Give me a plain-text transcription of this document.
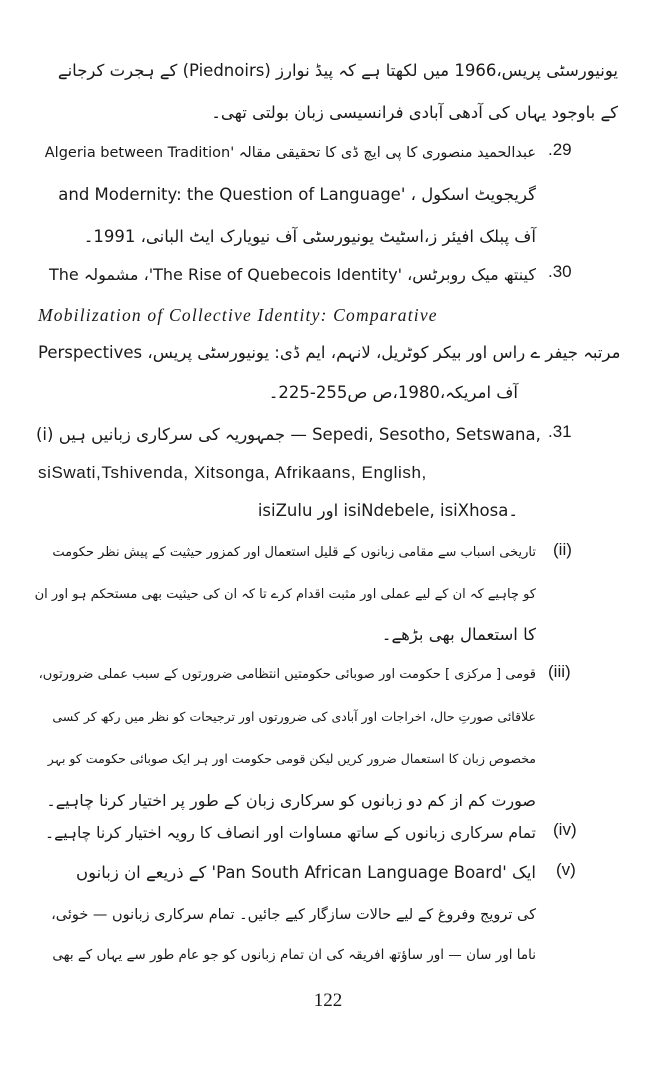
یونیورسٹی پریس،1966 میں لکھتا ہے کہ پیڈ نوارز (Piednoirs) کے ہجرت کرجانے
کے باوجود یہاں کی آدھی آبادی فرانسیسی زبان بولتی تھی۔
.29
عبدالحمید منصوری کا پی ایچ ڈی کا تحقیقی مقالہ 'Algeria between Tradition
and Modernity: the Question of Language' ، گریجویٹ اسکول
آف پبلک افیئر ز،اسٹیٹ یونیورسٹی آف نیویارک ایٹ البانی، 1991۔
.30
کینتھ میک روبرٹس، 'The Rise of Quebecois Identity'، مشمولہ The
Mobilization of Collective Identity: Comparative
Perspectives ،مرتبہ جیفر ے راس اور بیکر کوٹریل، لانہم، ایم ڈی: یونیورسٹی پریس
آف امریکہ،1980،ص ص255-225۔
.31
(i) جمہوریہ کی سرکاری زبانیں ہیں — Sepedi, Sesotho, Setswana,
siSwati,Tshivenda, Xitsonga, Afrikaans, English,
isiZulu اور isiNdebele, isiXhosa۔
(ii)
تاریخی اسباب سے مقامی زبانوں کے قلیل استعمال اور کمزور حیثیت کے پیش نظر حکومت
کو چاہیے کہ ان کے لیے عملی اور مثبت اقدام کرے تا کہ ان کی حیثیت بھی مستحکم ہو اور ان
کا استعمال بھی بڑھے۔
(iii)
قومی [ مرکزی ] حکومت اور صوبائی حکومتیں انتظامی ضرورتوں کے سبب عملی ضرورتوں،
علاقائی صورتِ حال، اخراجات اور آبادی کی ضرورتوں اور ترجیحات کو نظر میں رکھ کر کسی
مخصوص زبان کا استعمال ضرور کریں لیکن قومی حکومت اور ہر ایک صوبائی حکومت کو بہر
صورت کم از کم دو زبانوں کو سرکاری زبان کے طور پر اختیار کرنا چاہیے۔
(iv)
تمام سرکاری زبانوں کے ساتھ مساوات اور انصاف کا رویہ اختیار کرنا چاہیے۔
(v)
ایک 'Pan South African Language Board' کے ذریعے ان زبانوں
کی ترویج وفروغ کے لیے حالات سازگار کیے جائیں۔ تمام سرکاری زبانوں — خوئی،
ناما اور سان — اور ساؤتھ افریقہ کی ان تمام زبانوں کو جو عام طور سے یہاں کے بھی
122
